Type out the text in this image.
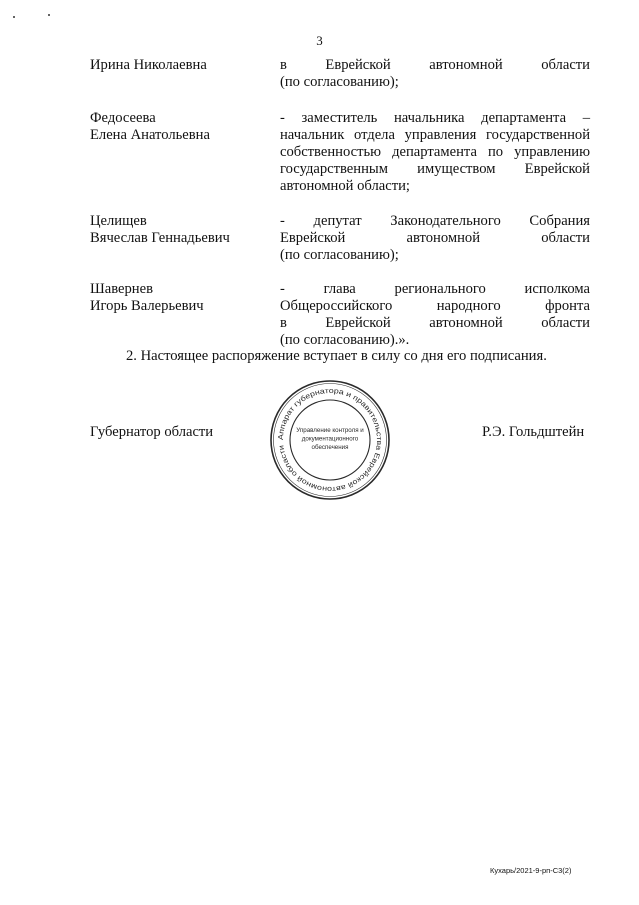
3
Ирина Николаевна	в Еврейской автономной области
(по согласованию);
Федосеева
Елена Анатольевна
- заместитель начальника департамента –
начальник отдела управления государственной
собственностью департамента по управлению
государственным имуществом Еврейской
автономной области;
Целищев
Вячеслав Геннадьевич
- депутат Законодательного Собрания
Еврейской автономной области
(по согласованию);
Шавернев
Игорь Валерьевич
- глава регионального исполкома
Общероссийского народного фронта
в Еврейской автономной области
(по согласованию).».
2. Настоящее распоряжение вступает в силу со дня его подписания.
Губернатор области	Р.Э. Гольдштейн
Аппарат губернатора и правительства Еврейской автономной области
Управление контроля и
документационного
обеспечения
Кухарь/2021-9-рп-С3(2)
